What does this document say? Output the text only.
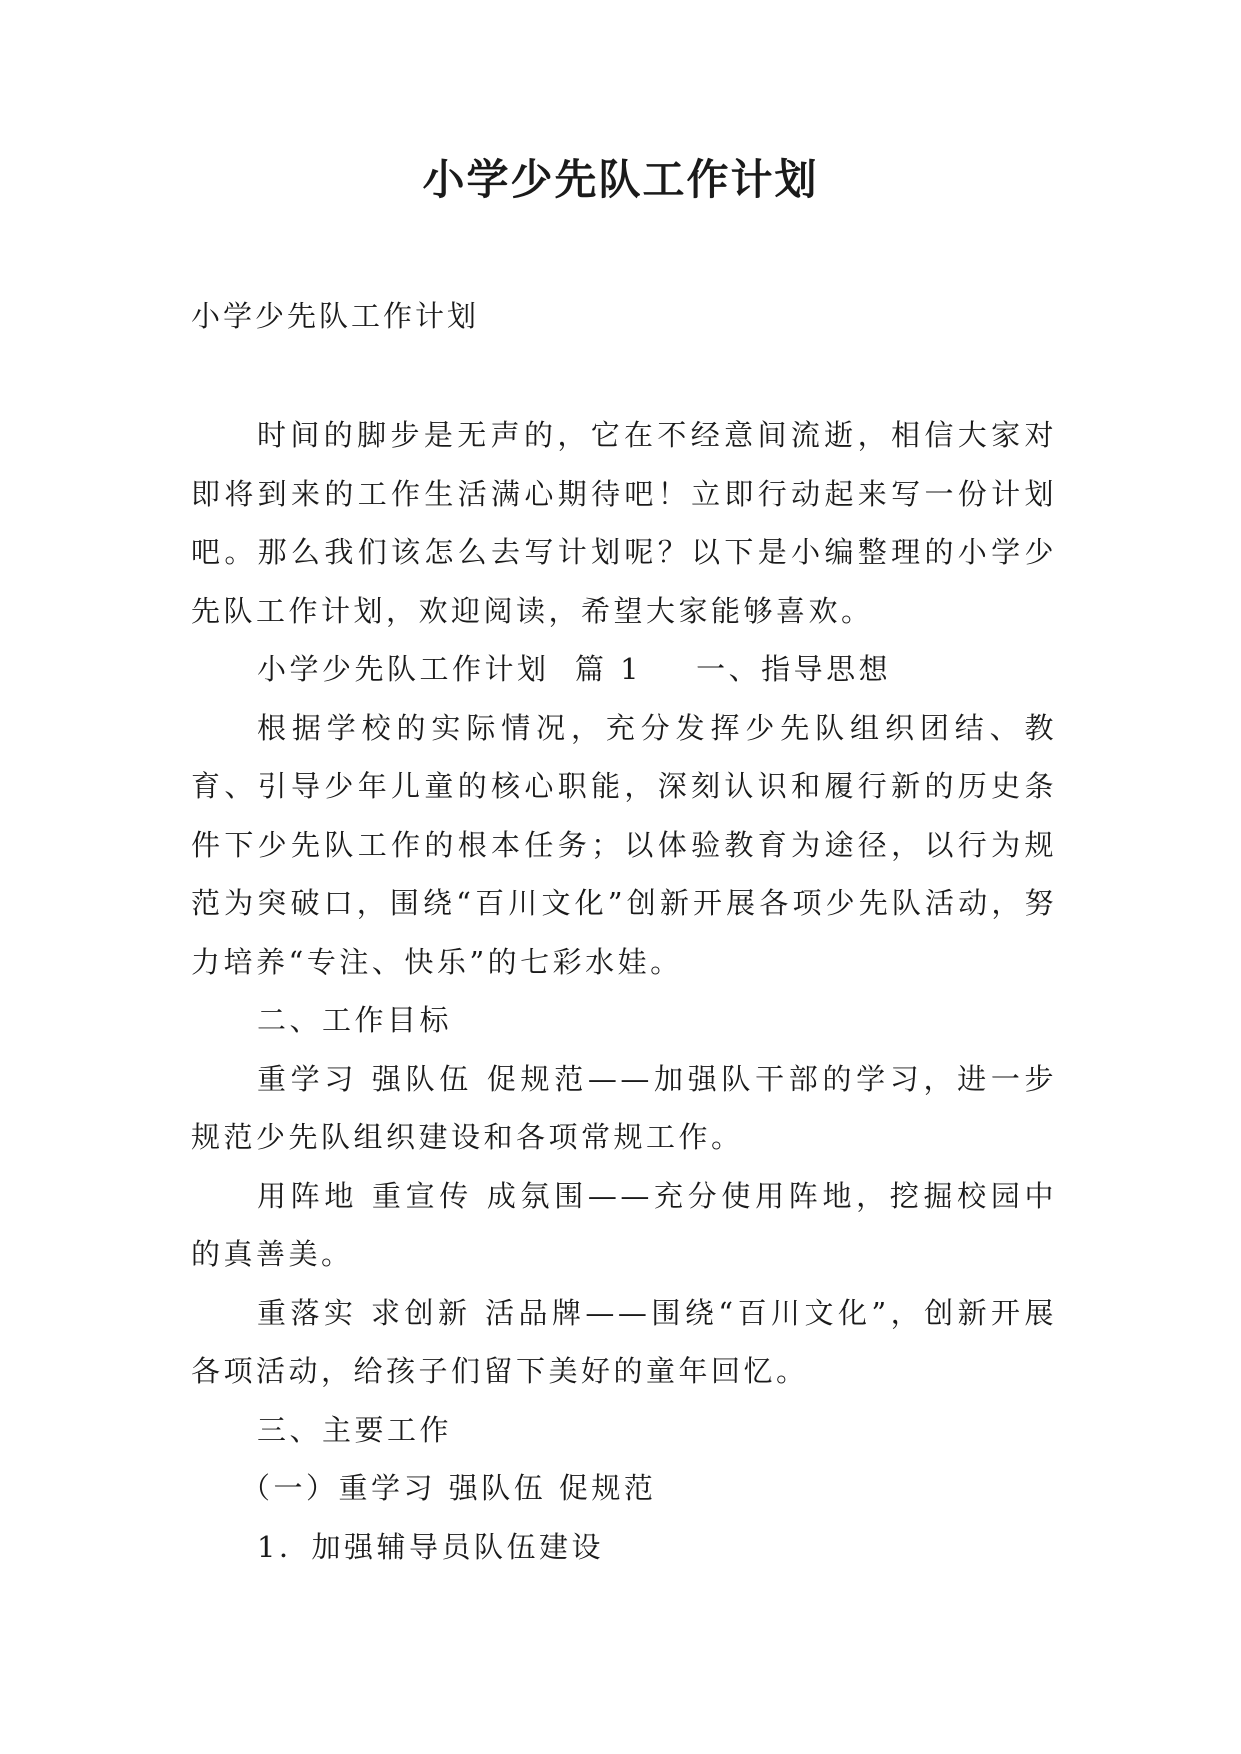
小学少先队工作计划

小学少先队工作计划

时间的脚步是无声的，它在不经意间流逝，相信大家对即将到来的工作生活满心期待吧！立即行动起来写一份计划吧。那么我们该怎么去写计划呢？以下是小编整理的小学少先队工作计划，欢迎阅读，希望大家能够喜欢。

小学少先队工作计划  篇 1 一、指导思想

根据学校的实际情况，充分发挥少先队组织团结、教育、引导少年儿童的核心职能，深刻认识和履行新的历史条件下少先队工作的根本任务；以体验教育为途径，以行为规范为突破口，围绕“百川文化”创新开展各项少先队活动，努力培养“专注、快乐”的七彩水娃。

二、工作目标

重学习 强队伍 促规范——加强队干部的学习，进一步规范少先队组织建设和各项常规工作。

用阵地 重宣传 成氛围——充分使用阵地，挖掘校园中的真善美。

重落实 求创新 活品牌——围绕“百川文化”，创新开展各项活动，给孩子们留下美好的童年回忆。

三、主要工作

（一）重学习 强队伍 促规范

1．加强辅导员队伍建设
